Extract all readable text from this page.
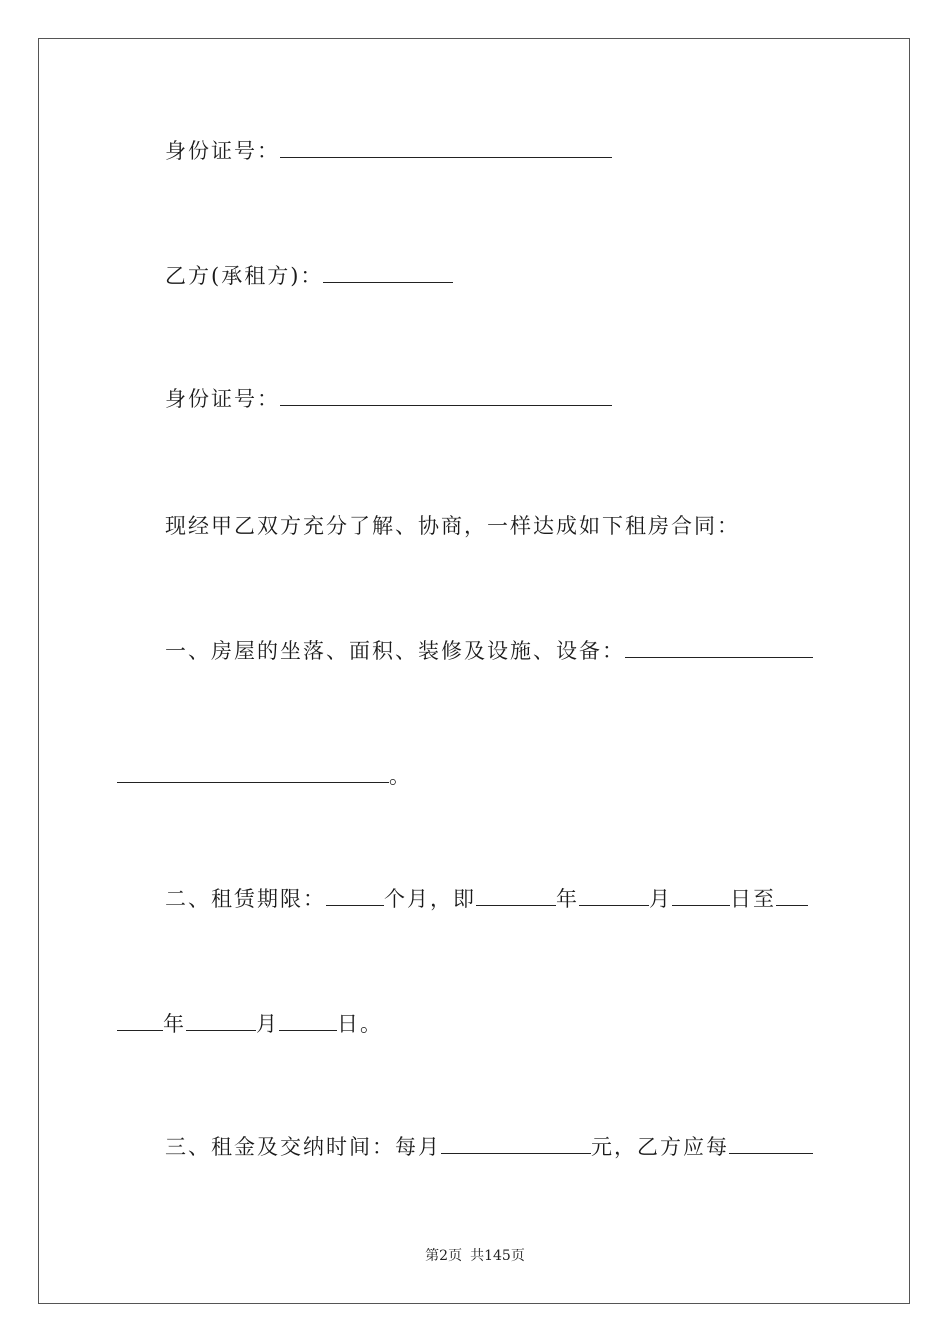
身份证号：
乙方(承租方)：
身份证号：
现经甲乙双方充分了解、协商，一样达成如下租房合同：
一、房屋的坐落、面积、装修及设施、设备：
。
二、租赁期限：	个月，即	年	月	日至
年	月	日。
三、租金及交纳时间：每月	元，乙方应每
第2页 共145页
